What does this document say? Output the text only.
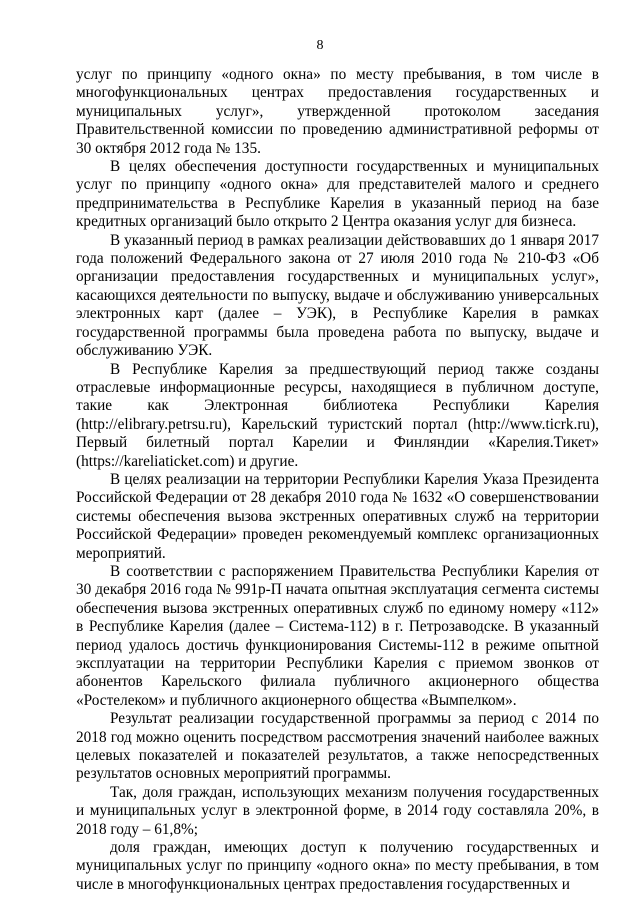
8

услуг по принципу «одного окна» по месту пребывания, в том числе в многофункциональных центрах предоставления государственных и муниципальных услуг», утвержденной протоколом заседания Правительственной комиссии по проведению административной реформы от 30 октября 2012 года № 135.

В целях обеспечения доступности государственных и муниципальных услуг по принципу «одного окна» для представителей малого и среднего предпринимательства в Республике Карелия в указанный период на базе кредитных организаций было открыто 2 Центра оказания услуг для бизнеса.

В указанный период в рамках реализации действовавших до 1 января 2017 года положений Федерального закона от 27 июля 2010 года № 210-ФЗ «Об организации предоставления государственных и муниципальных услуг», касающихся деятельности по выпуску, выдаче и обслуживанию универсальных электронных карт (далее – УЭК), в Республике Карелия в рамках государственной программы была проведена работа по выпуску, выдаче и обслуживанию УЭК.

В Республике Карелия за предшествующий период также созданы отраслевые информационные ресурсы, находящиеся в публичном доступе, такие как Электронная библиотека Республики Карелия (http://elibrary.petrsu.ru), Карельский туристский портал (http://www.ticrk.ru), Первый билетный портал Карелии и Финляндии «Карелия.Тикет» (https://kareliaticket.com) и другие.

В целях реализации на территории Республики Карелия Указа Президента Российской Федерации от 28 декабря 2010 года № 1632 «О совершенствовании системы обеспечения вызова экстренных оперативных служб на территории Российской Федерации» проведен рекомендуемый комплекс организационных мероприятий.

В соответствии с распоряжением Правительства Республики Карелия от 30 декабря 2016 года № 991р-П начата опытная эксплуатация сегмента системы обеспечения вызова экстренных оперативных служб по единому номеру «112» в Республике Карелия (далее – Система-112) в г. Петрозаводске. В указанный период удалось достичь функционирования Системы-112 в режиме опытной эксплуатации на территории Республики Карелия с приемом звонков от абонентов Карельского филиала публичного акционерного общества «Ростелеком» и публичного акционерного общества «Вымпелком».

Результат реализации государственной программы за период с 2014 по 2018 год можно оценить посредством рассмотрения значений наиболее важных целевых показателей и показателей результатов, а также непосредственных результатов основных мероприятий программы.

Так, доля граждан, использующих механизм получения государственных и муниципальных услуг в электронной форме, в 2014 году составляла 20%, в 2018 году – 61,8%;

доля граждан, имеющих доступ к получению государственных и муниципальных услуг по принципу «одного окна» по месту пребывания, в том числе в многофункциональных центрах предоставления государственных и
